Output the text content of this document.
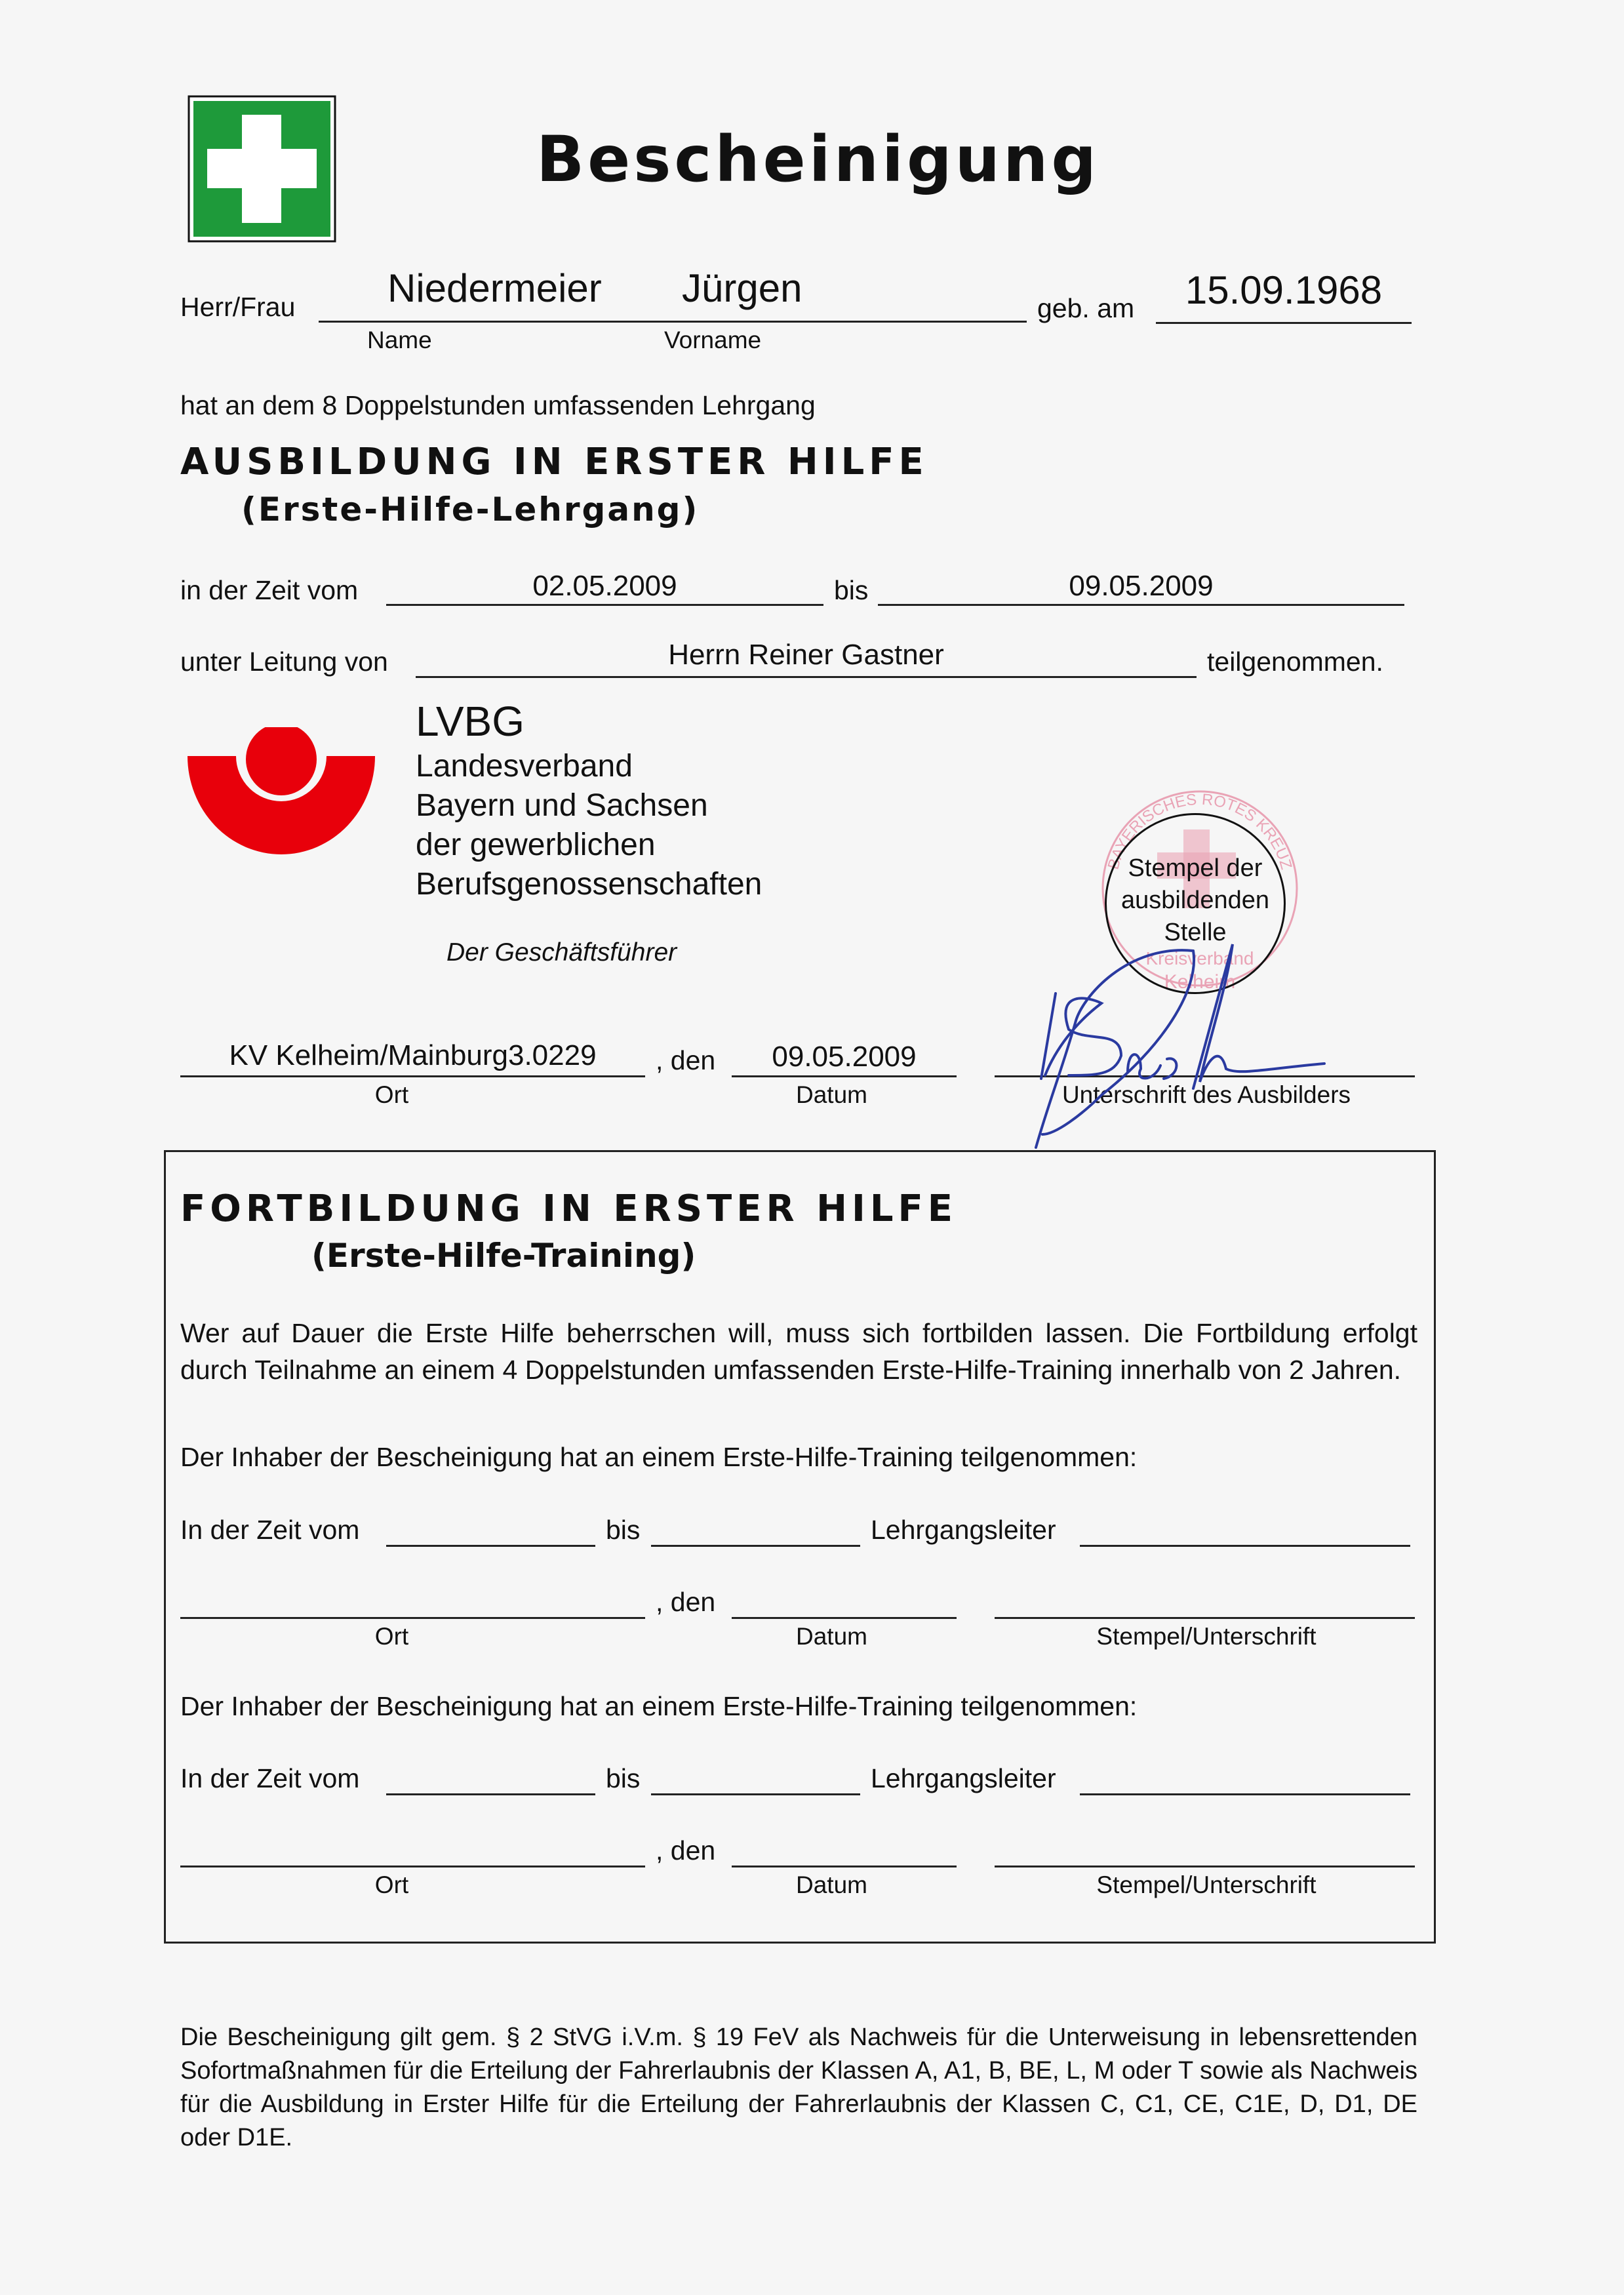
Bescheinigung
Herr/Frau Niedermeier Jürgen
Name	Vorname
geb. am	15.09.1968
hat an dem 8 Doppelstunden umfassenden Lehrgang
AUSBILDUNG IN ERSTER HILFE
(Erste-Hilfe-Lehrgang)
in der Zeit vom	02.05.2009	bis	09.05.2009
unter Leitung von	Herrn Reiner Gastner	teilgenommen.
LVBG
Landesverband
Bayern und Sachsen
der gewerblichen
Berufsgenossenschaften
Der Geschäftsführer
BAYERISCHES ROTES KREUZ
Kreisverband
Kelheim
Stempel der
ausbildenden
Stelle
KV Kelheim/Mainburg3.0229	, den	09.05.2009
Ort	Datum	Unterschrift des Ausbilders
FORTBILDUNG IN ERSTER HILFE
(Erste-Hilfe-Training)

Wer auf Dauer die Erste Hilfe beherrschen will, muss sich fortbilden lassen. Die Fortbildung erfolgt durch Teilnahme an einem 4 Doppelstunden umfassenden Erste-Hilfe-Training innerhalb von 2 Jahren.

Der Inhaber der Bescheinigung hat an einem Erste-Hilfe-Training teilgenommen:
In der Zeit vom	bis	Lehrgangsleiter
, den
Ort	Datum	Stempel/Unterschrift
Der Inhaber der Bescheinigung hat an einem Erste-Hilfe-Training teilgenommen:
In der Zeit vom	bis	Lehrgangsleiter
, den
Ort	Datum	Stempel/Unterschrift

Die Bescheinigung gilt gem. § 2 StVG i.V.m. § 19 FeV als Nachweis für die Unterweisung in lebensrettenden Sofortmaßnahmen für die Erteilung der Fahrerlaubnis der Klassen A, A1, B, BE, L, M oder T sowie als Nachweis für die Ausbildung in Erster Hilfe für die Erteilung der Fahrerlaubnis der Klassen C, C1, CE, C1E, D, D1, DE oder D1E.
